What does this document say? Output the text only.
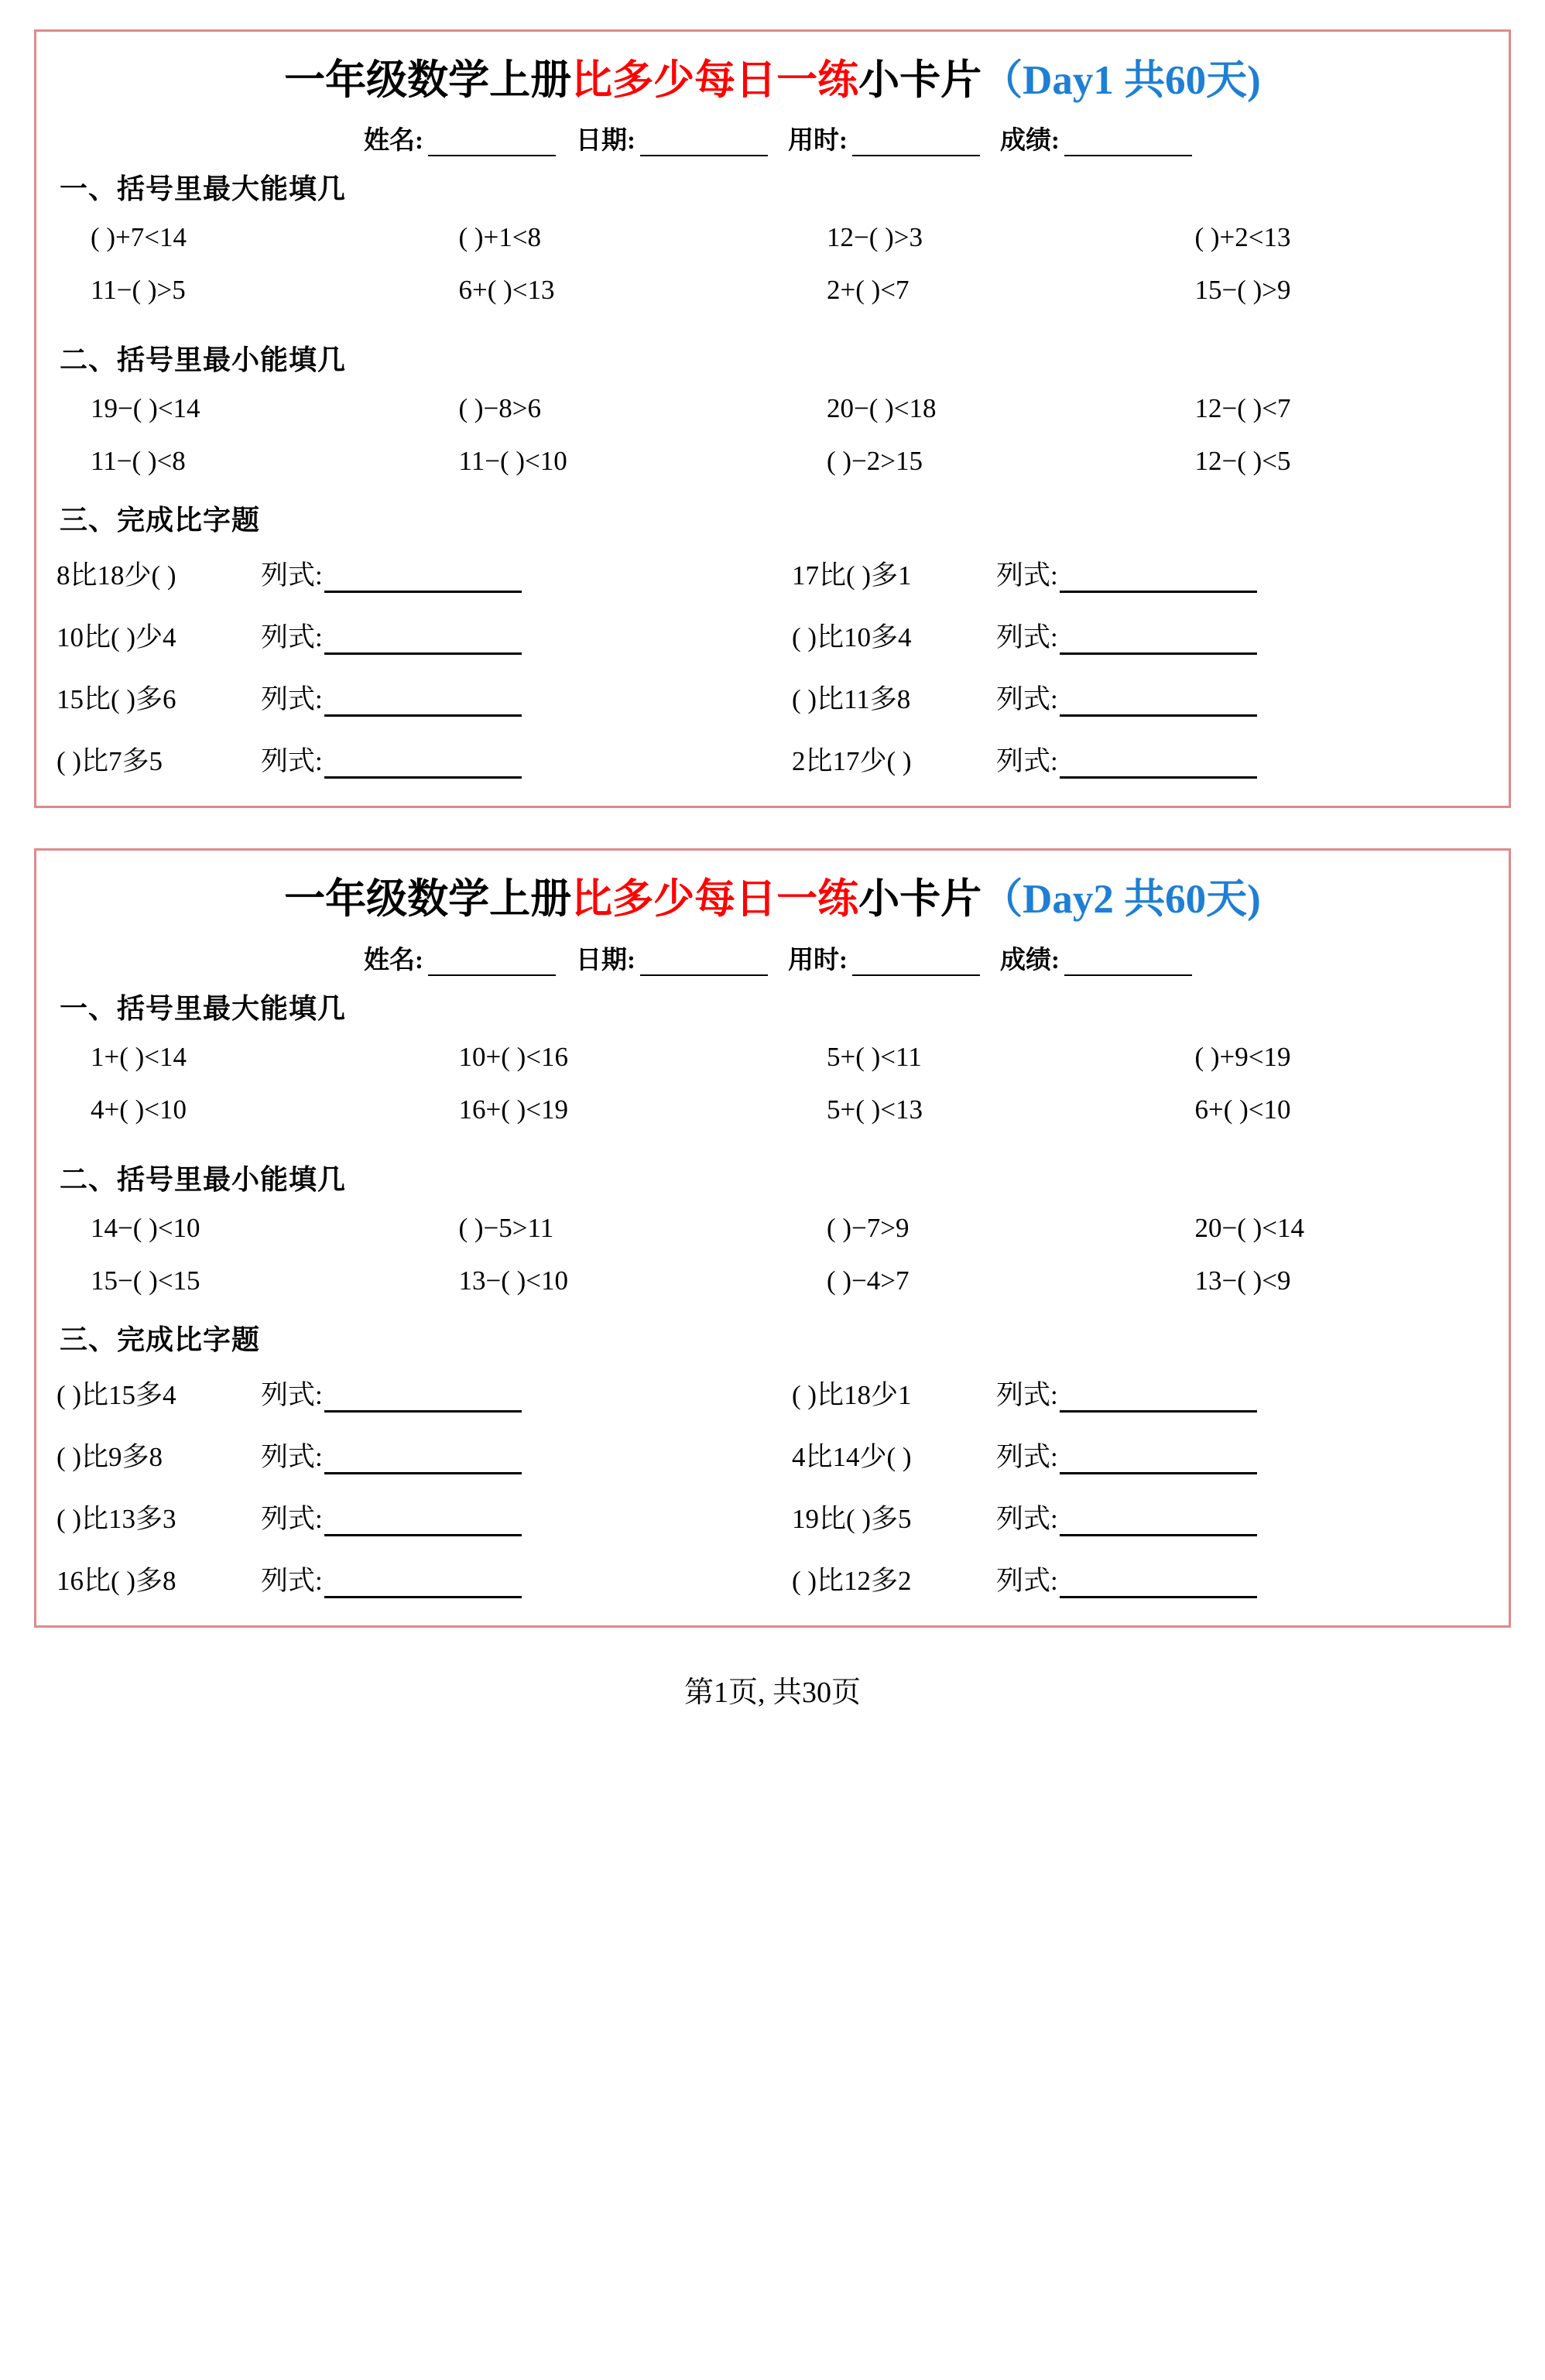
一年级数学上册比多少每日一练小卡片（Day1 共60天)
姓名:	日期:	用时:	成绩:
一、括号里最大能填几
( )+7<14	( )+1<8	12−( )>3	( )+2<13
11−( )>5	6+( )<13	2+( )<7	15−( )>9
二、括号里最小能填几
19−( )<14	( )−8>6	20−( )<18	12−( )<7
11−( )<8	11−( )<10	( )−2>15	12−( )<5
三、完成比字题
8比18少( )	列式:	17比( )多1	列式:
10比( )少4	列式:	( )比10多4	列式:
15比( )多6	列式:	( )比11多8	列式:
( )比7多5	列式:	2比17少( )	列式:
一年级数学上册比多少每日一练小卡片（Day2 共60天)
姓名:	日期:	用时:	成绩:
一、括号里最大能填几
1+( )<14	10+( )<16	5+( )<11	( )+9<19
4+( )<10	16+( )<19	5+( )<13	6+( )<10
二、括号里最小能填几
14−( )<10	( )−5>11	( )−7>9	20−( )<14
15−( )<15	13−( )<10	( )−4>7	13−( )<9
三、完成比字题
( )比15多4	列式:	( )比18少1	列式:
( )比9多8	列式:	4比14少( )	列式:
( )比13多3	列式:	19比( )多5	列式:
16比( )多8	列式:	( )比12多2	列式:
第1页, 共30页
